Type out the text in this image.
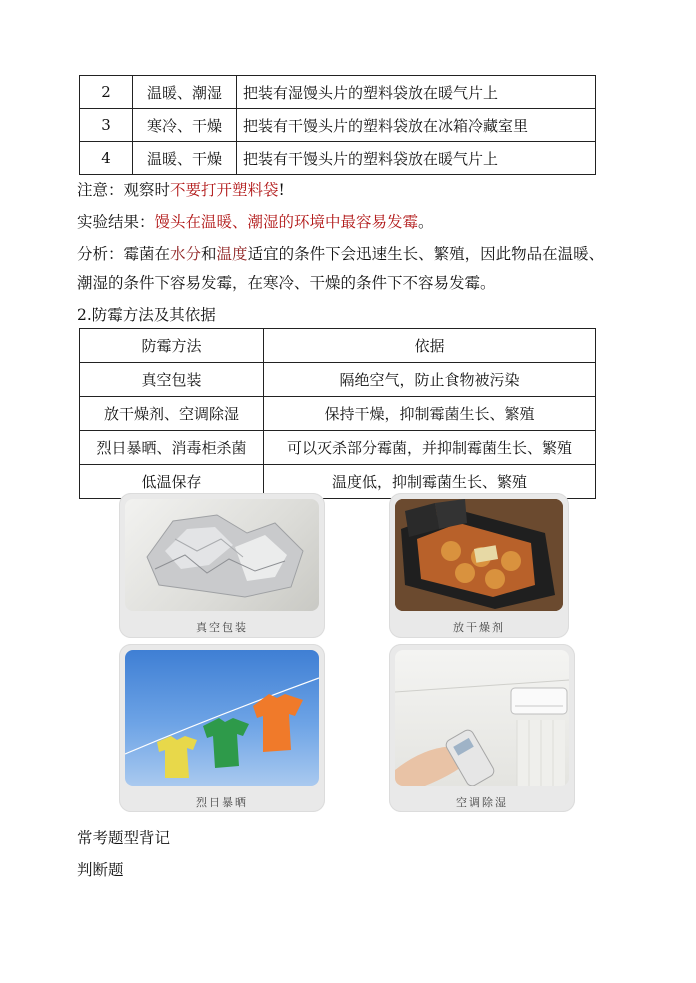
2	温暖、潮湿	把装有湿馒头片的塑料袋放在暖气片上
3	寒冷、干燥	把装有干馒头片的塑料袋放在冰箱冷藏室里
4	温暖、干燥	把装有干馒头片的塑料袋放在暖气片上
注意：观察时不要打开塑料袋!
实验结果：馒头在温暖、潮湿的环境中最容易发霉。
分析：霉菌在水分和温度适宜的条件下会迅速生长、繁殖，因此物品在温暖、
潮湿的条件下容易发霉，在寒冷、干燥的条件下不容易发霉。
2.防霉方法及其依据
防霉方法	依据
真空包装	隔绝空气，防止食物被污染
放干燥剂、空调除湿	保持干燥，抑制霉菌生长、繁殖
烈日暴晒、消毒柜杀菌	可以灭杀部分霉菌，并抑制霉菌生长、繁殖
低温保存	温度低，抑制霉菌生长、繁殖
真空包装	放干燥剂
烈日暴晒	空调除湿
常考题型背记
判断题
